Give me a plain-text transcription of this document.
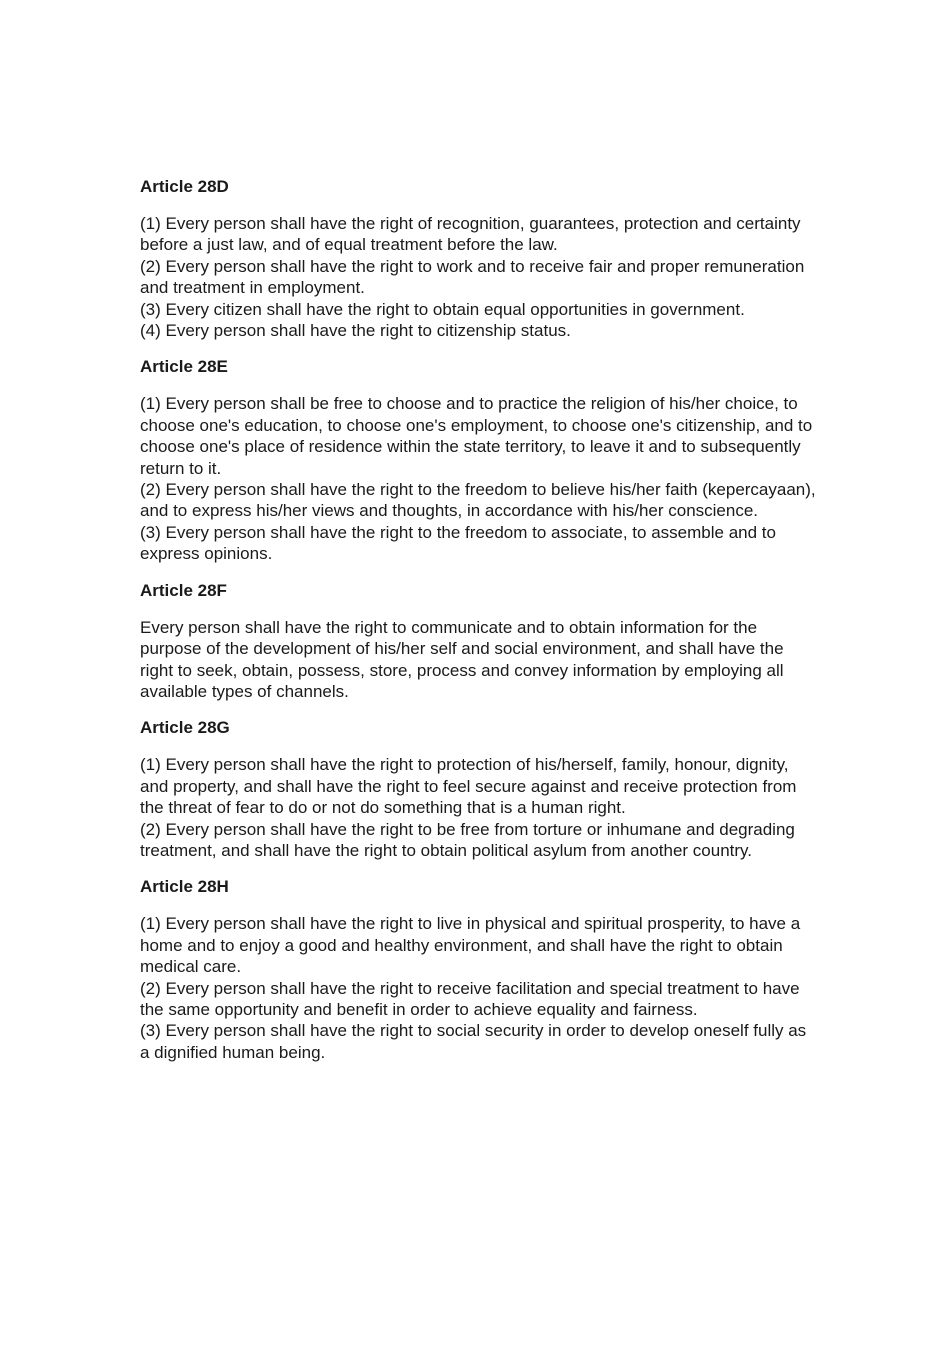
Article 28D
(1) Every person shall have the right of recognition, guarantees, protection and certainty before a just law, and of equal treatment before the law.
(2) Every person shall have the right to work and to receive fair and proper remuneration and treatment in employment.
(3) Every citizen shall have the right to obtain equal opportunities in government.
(4) Every person shall have the right to citizenship status.
Article 28E
(1) Every person shall be free to choose and to practice the religion of his/her choice, to choose one's education, to choose one's employment, to choose one's citizenship, and to choose one's place of residence within the state territory, to leave it and to subsequently return to it.
(2) Every person shall have the right to the freedom to believe his/her faith (kepercayaan), and to express his/her views and thoughts, in accordance with his/her conscience.
(3) Every person shall have the right to the freedom to associate, to assemble and to express opinions.
Article 28F
Every person shall have the right to communicate and to obtain information for the purpose of the development of his/her self and social environment, and shall have the right to seek, obtain, possess, store, process and convey information by employing all available types of channels.
Article 28G
(1) Every person shall have the right to protection of his/herself, family, honour, dignity, and property, and shall have the right to feel secure against and receive protection from the threat of fear to do or not do something that is a human right.
(2) Every person shall have the right to be free from torture or inhumane and degrading treatment, and shall have the right to obtain political asylum from another country.
Article 28H
(1) Every person shall have the right to live in physical and spiritual prosperity, to have a home and to enjoy a good and healthy environment, and shall have the right to obtain medical care.
(2) Every person shall have the right to receive facilitation and special treatment to have the same opportunity and benefit in order to achieve equality and fairness.
(3) Every person shall have the right to social security in order to develop oneself fully as a dignified human being.
